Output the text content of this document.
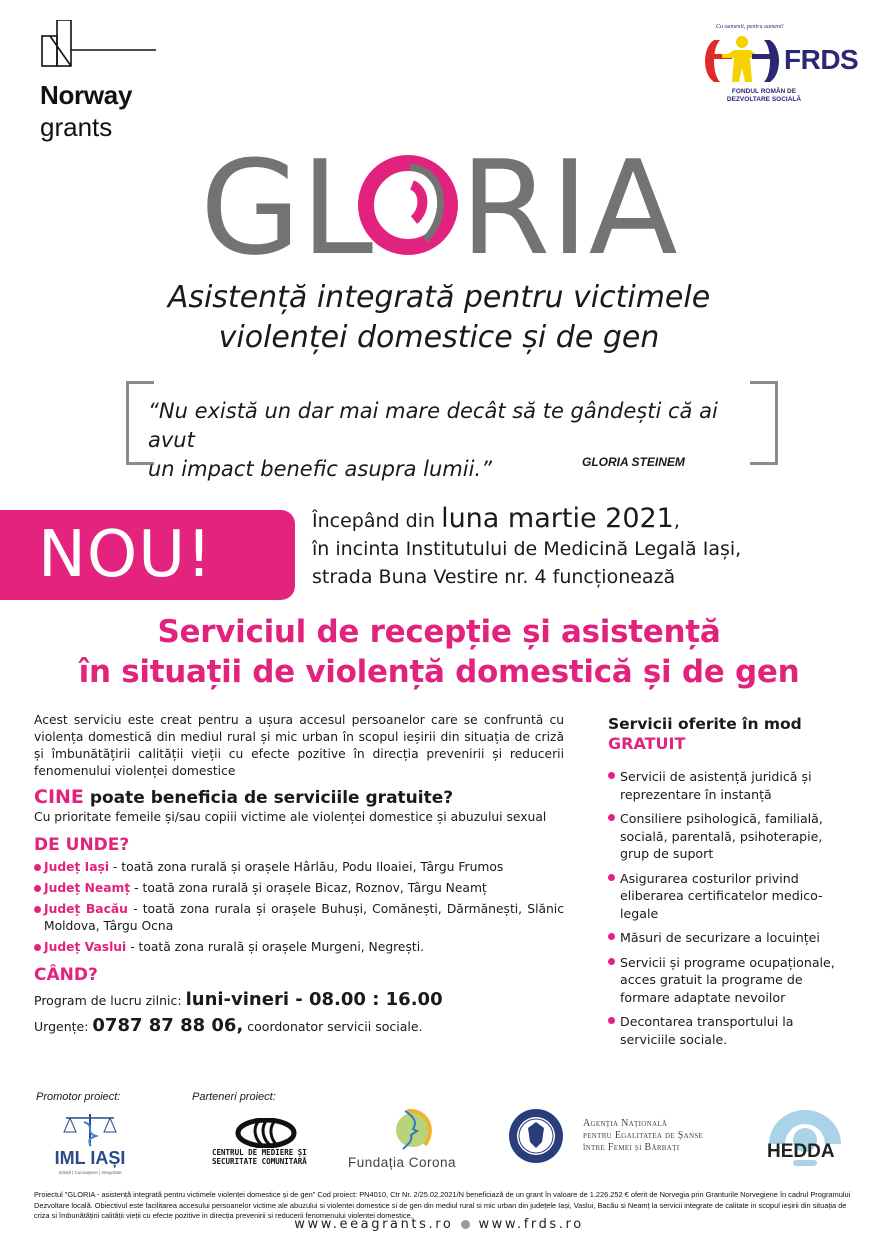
Norway
grants
Cu oamenii, pentru oameni!
FRDS
FONDUL ROMÂN DE
DEZVOLTARE SOCIALĂ
GL RIA
Asistență integrată pentru victimele
violenței domestice și de gen
“Nu există un dar mai mare decât să te gândești că ai avut
un impact benefic asupra lumii.”	GLORIA STEINEM
NOU!	Începând din luna martie 2021,
în incinta Institutului de Medicină Legală Iași,
strada Buna Vestire nr. 4 funcționează
Serviciul de recepție și asistență
în situații de violență domestică și de gen

Acest serviciu este creat pentru a ușura accesul persoanelor care se confruntă cu violența domestică din mediul rural și mic urban în scopul ieșirii din situația de criză și îmbunătățirii calității vieții cu efecte pozitive în direcția prevenirii și reducerii fenomenului violenței domestice

CINE poate beneficia de serviciile gratuite?

Cu prioritate femeile și/sau copiii victime ale violenței domestice și abuzului sexual

DE UNDE?
Județ Iași - toată zona rurală și orașele Hârlău, Podu Iloaiei, Târgu Frumos
Județ Neamț - toată zona rurală și orașele Bicaz, Roznov, Târgu Neamț
Județ Bacău - toată zona rurala și orașele Buhuși, Comănești, Dărmănești, Slănic Moldova, Târgu Ocna
Județ Vaslui - toată zona rurală și orașele Murgeni, Negrești.
CÂND?
Program de lucru zilnic: luni-vineri - 08.00 : 16.00
Urgențe: 0787 87 88 06, coordonator servicii sociale.
Servicii oferite în mod
GRATUIT
Servicii de asistență juridică și reprezentare în instanță
Consiliere psihologică, familială, socială, parentală, psihoterapie, grup de suport
Asigurarea costurilor privind eliberarea certificatelor medico-legale
Măsuri de securizare a locuinței
Servicii și programe ocupaționale, acces gratuit la programe de formare adaptate nevoilor
Decontarea transportului la serviciile sociale.
Promotor proiect:	Parteneri proiect:
IML IAȘI
Știință | Cunoaștere | Integritate
CENTRUL DE MEDIERE ȘI
SECURITATE COMUNITARĂ	Fundația Corona
Agenția Națională
pentru Egalitatea de Șanse
între Femei și Bărbați	HEDDA
Proiectul "GLORIA - asistență integrată pentru victimele violenței domestice și de gen" Cod proiect: PN4010, Ctr Nr. 2/25.02.2021/N beneficiază de un grant în valoare de 1.226.252 € oferit de Norvegia prin Granturile Norvegiene în cadrul Programului Dezvoltare locală. Obiectivul este facilitarea accesului persoanelor victime ale abuzului si violentei domestice si de gen din mediul rural si mic urban din județele Iași, Vaslui, Bacău si Neamț la servicii integrate de calitate in scopul ieșirii din situația de criza si îmbunătățirii calității vieții cu efecte pozitive in direcția prevenirii si reducerii fenomenului violentei domestice.
www.eeagrants.ro www.frds.ro
